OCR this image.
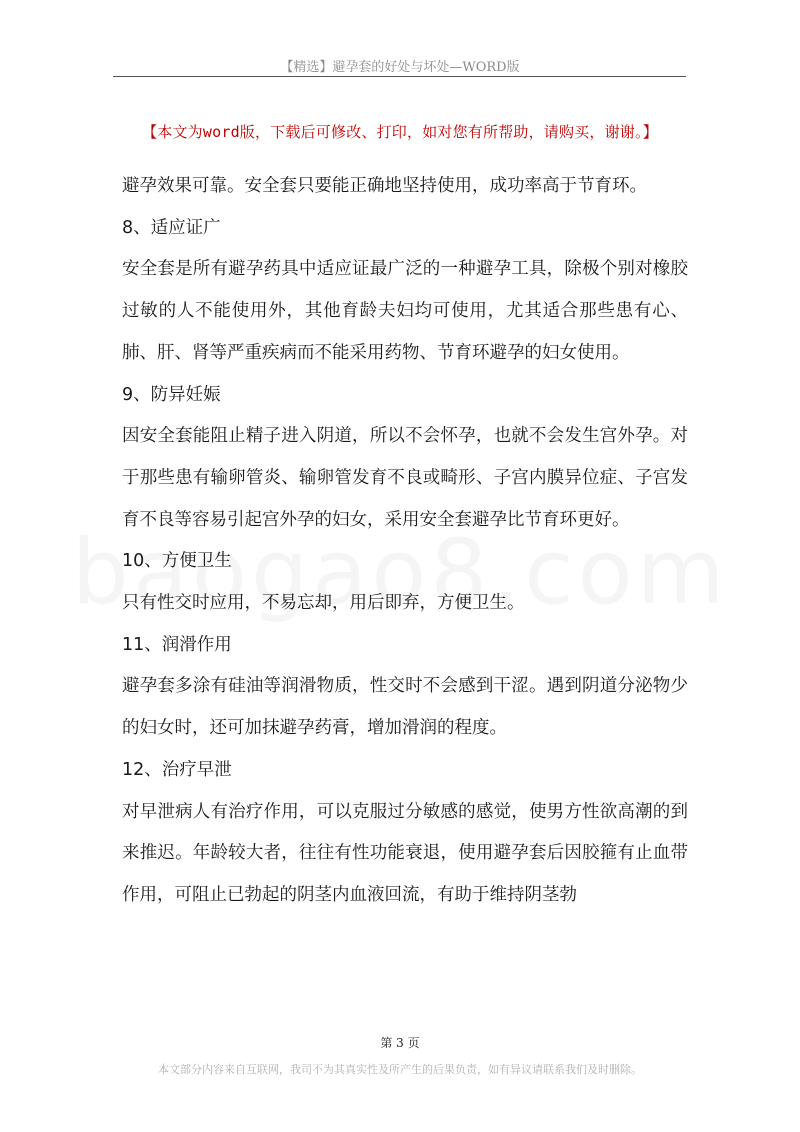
【精选】避孕套的好处与坏处—WORD版
【本文为word版，下载后可修改、打印，如对您有所帮助，请购买，谢谢。】

避孕效果可靠。安全套只要能正确地坚持使用，成功率高于节育环。

8、适应证广

安全套是所有避孕药具中适应证最广泛的一种避孕工具，除极个别对橡胶过敏的人不能使用外，其他育龄夫妇均可使用，尤其适合那些患有心、肺、肝、肾等严重疾病而不能采用药物、节育环避孕的妇女使用。

9、防异妊娠

因安全套能阻止精子进入阴道，所以不会怀孕，也就不会发生宫外孕。对于那些患有输卵管炎、输卵管发育不良或畸形、子宫内膜异位症、子宫发育不良等容易引起宫外孕的妇女，采用安全套避孕比节育环更好。

10、方便卫生

只有性交时应用，不易忘却，用后即弃，方便卫生。

11、润滑作用

避孕套多涂有硅油等润滑物质，性交时不会感到干涩。遇到阴道分泌物少的妇女时，还可加抹避孕药膏，增加滑润的程度。

12、治疗早泄

对早泄病人有治疗作用，可以克服过分敏感的感觉，使男方性欲高潮的到来推迟。年龄较大者，往往有性功能衰退，使用避孕套后因胶箍有止血带作用，可阻止已勃起的阴茎内血液回流，有助于维持阴茎勃

第 3 页
本文部分内容来自互联网，我司不为其真实性及所产生的后果负责，如有异议请联系我们及时删除。
